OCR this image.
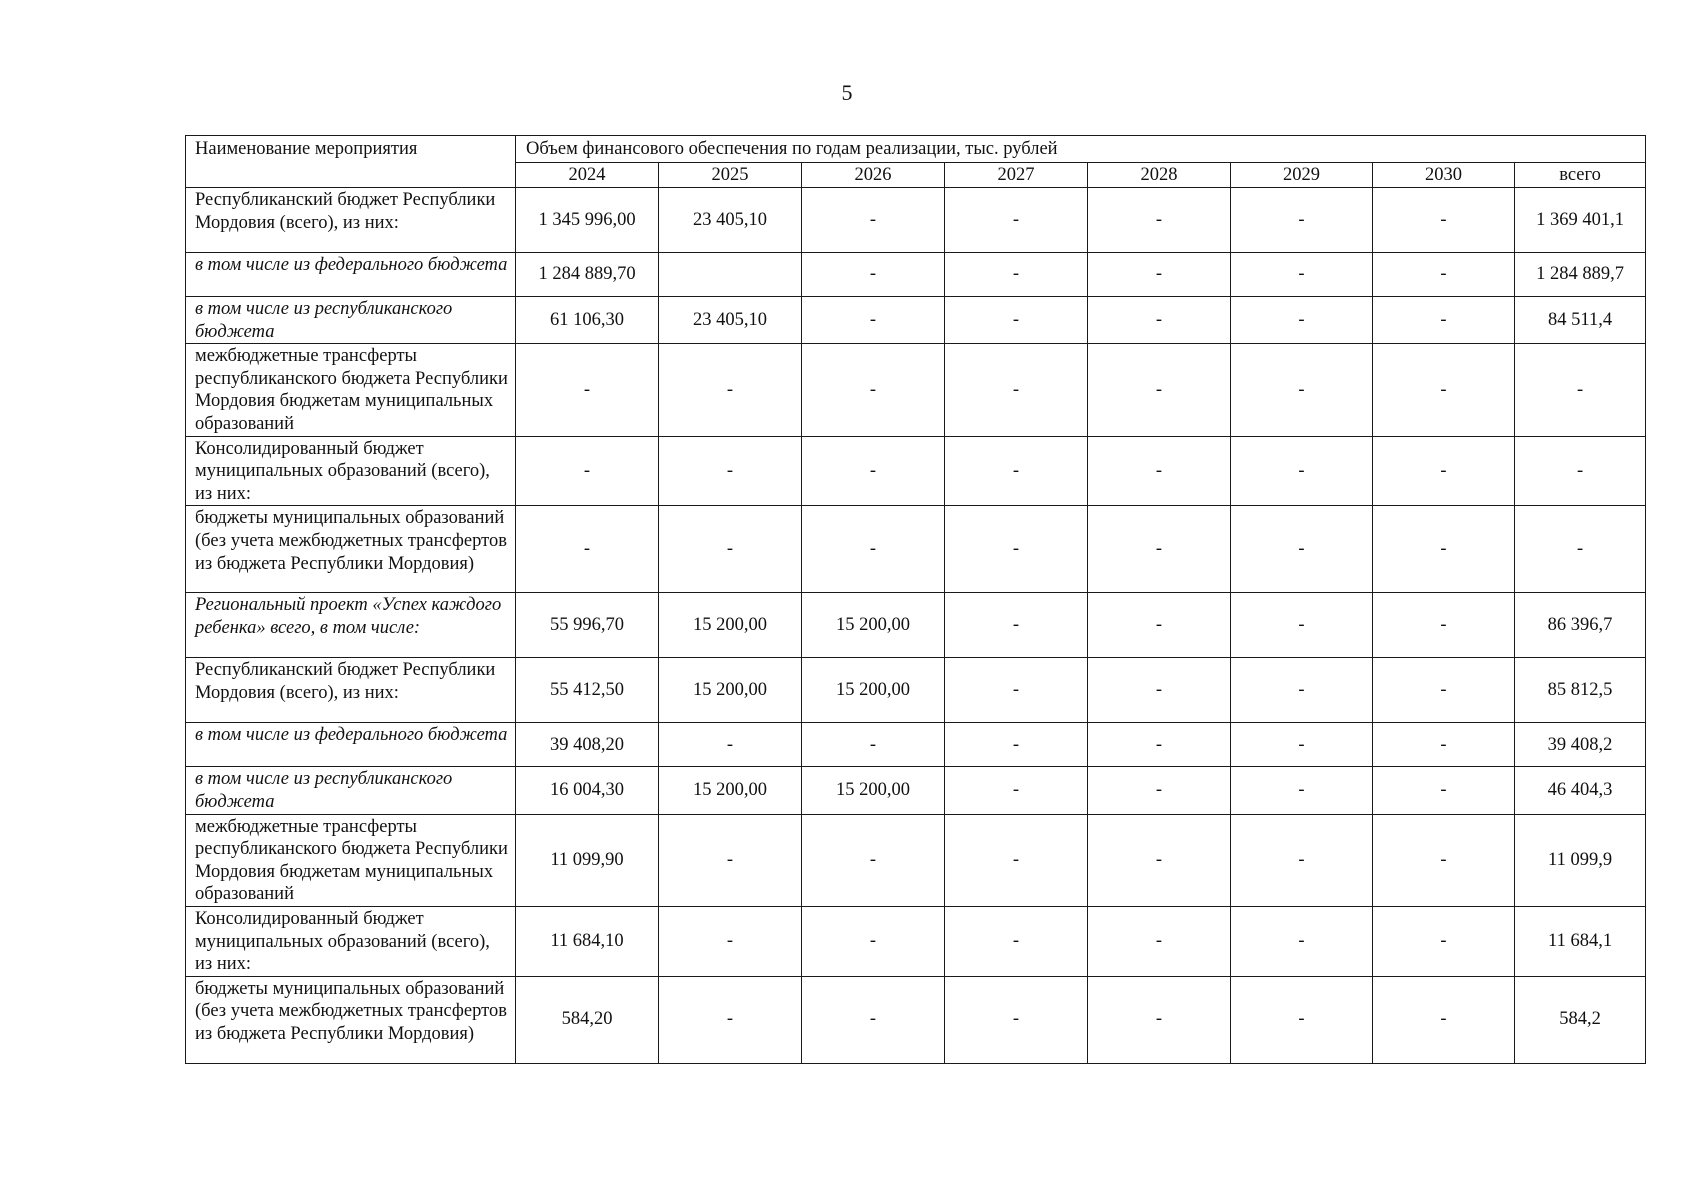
5
Наименование мероприятия	Объем финансового обеспечения по годам реализации, тыс. рублей							
	2024	2025	2026	2027	2028	2029	2030	всего
Республиканский бюджет Республики Мордовия (всего), из них:	1 345 996,00	23 405,10	-	-	-	-	-	1 369 401,1
в том числе из федерального бюджета	1 284 889,70		-	-	-	-	-	1 284 889,7
в том числе из республиканского бюджета	61 106,30	23 405,10	-	-	-	-	-	84 511,4
межбюджетные трансферты республиканского бюджета Республики Мордовия бюджетам муниципальных образований	-	-	-	-	-	-	-	-
Консолидированный бюджет муниципальных образований (всего), из них:	-	-	-	-	-	-	-	-
бюджеты муниципальных образований (без учета межбюджетных трансфертов из бюджета Республики Мордовия)	-	-	-	-	-	-	-	-
Региональный проект «Успех каждого ребенка» всего, в том числе:	55 996,70	15 200,00	15 200,00	-	-	-	-	86 396,7
Республиканский бюджет Республики Мордовия (всего), из них:	55 412,50	15 200,00	15 200,00	-	-	-	-	85 812,5
в том числе из федерального бюджета	39 408,20	-	-	-	-	-	-	39 408,2
в том числе из республиканского бюджета	16 004,30	15 200,00	15 200,00	-	-	-	-	46 404,3
межбюджетные трансферты республиканского бюджета Республики Мордовия бюджетам муниципальных образований	11 099,90	-	-	-	-	-	-	11 099,9
Консолидированный бюджет муниципальных образований (всего), из них:	11 684,10	-	-	-	-	-	-	11 684,1
бюджеты муниципальных образований (без учета межбюджетных трансфертов из бюджета Республики Мордовия)	584,20	-	-	-	-	-	-	584,2
